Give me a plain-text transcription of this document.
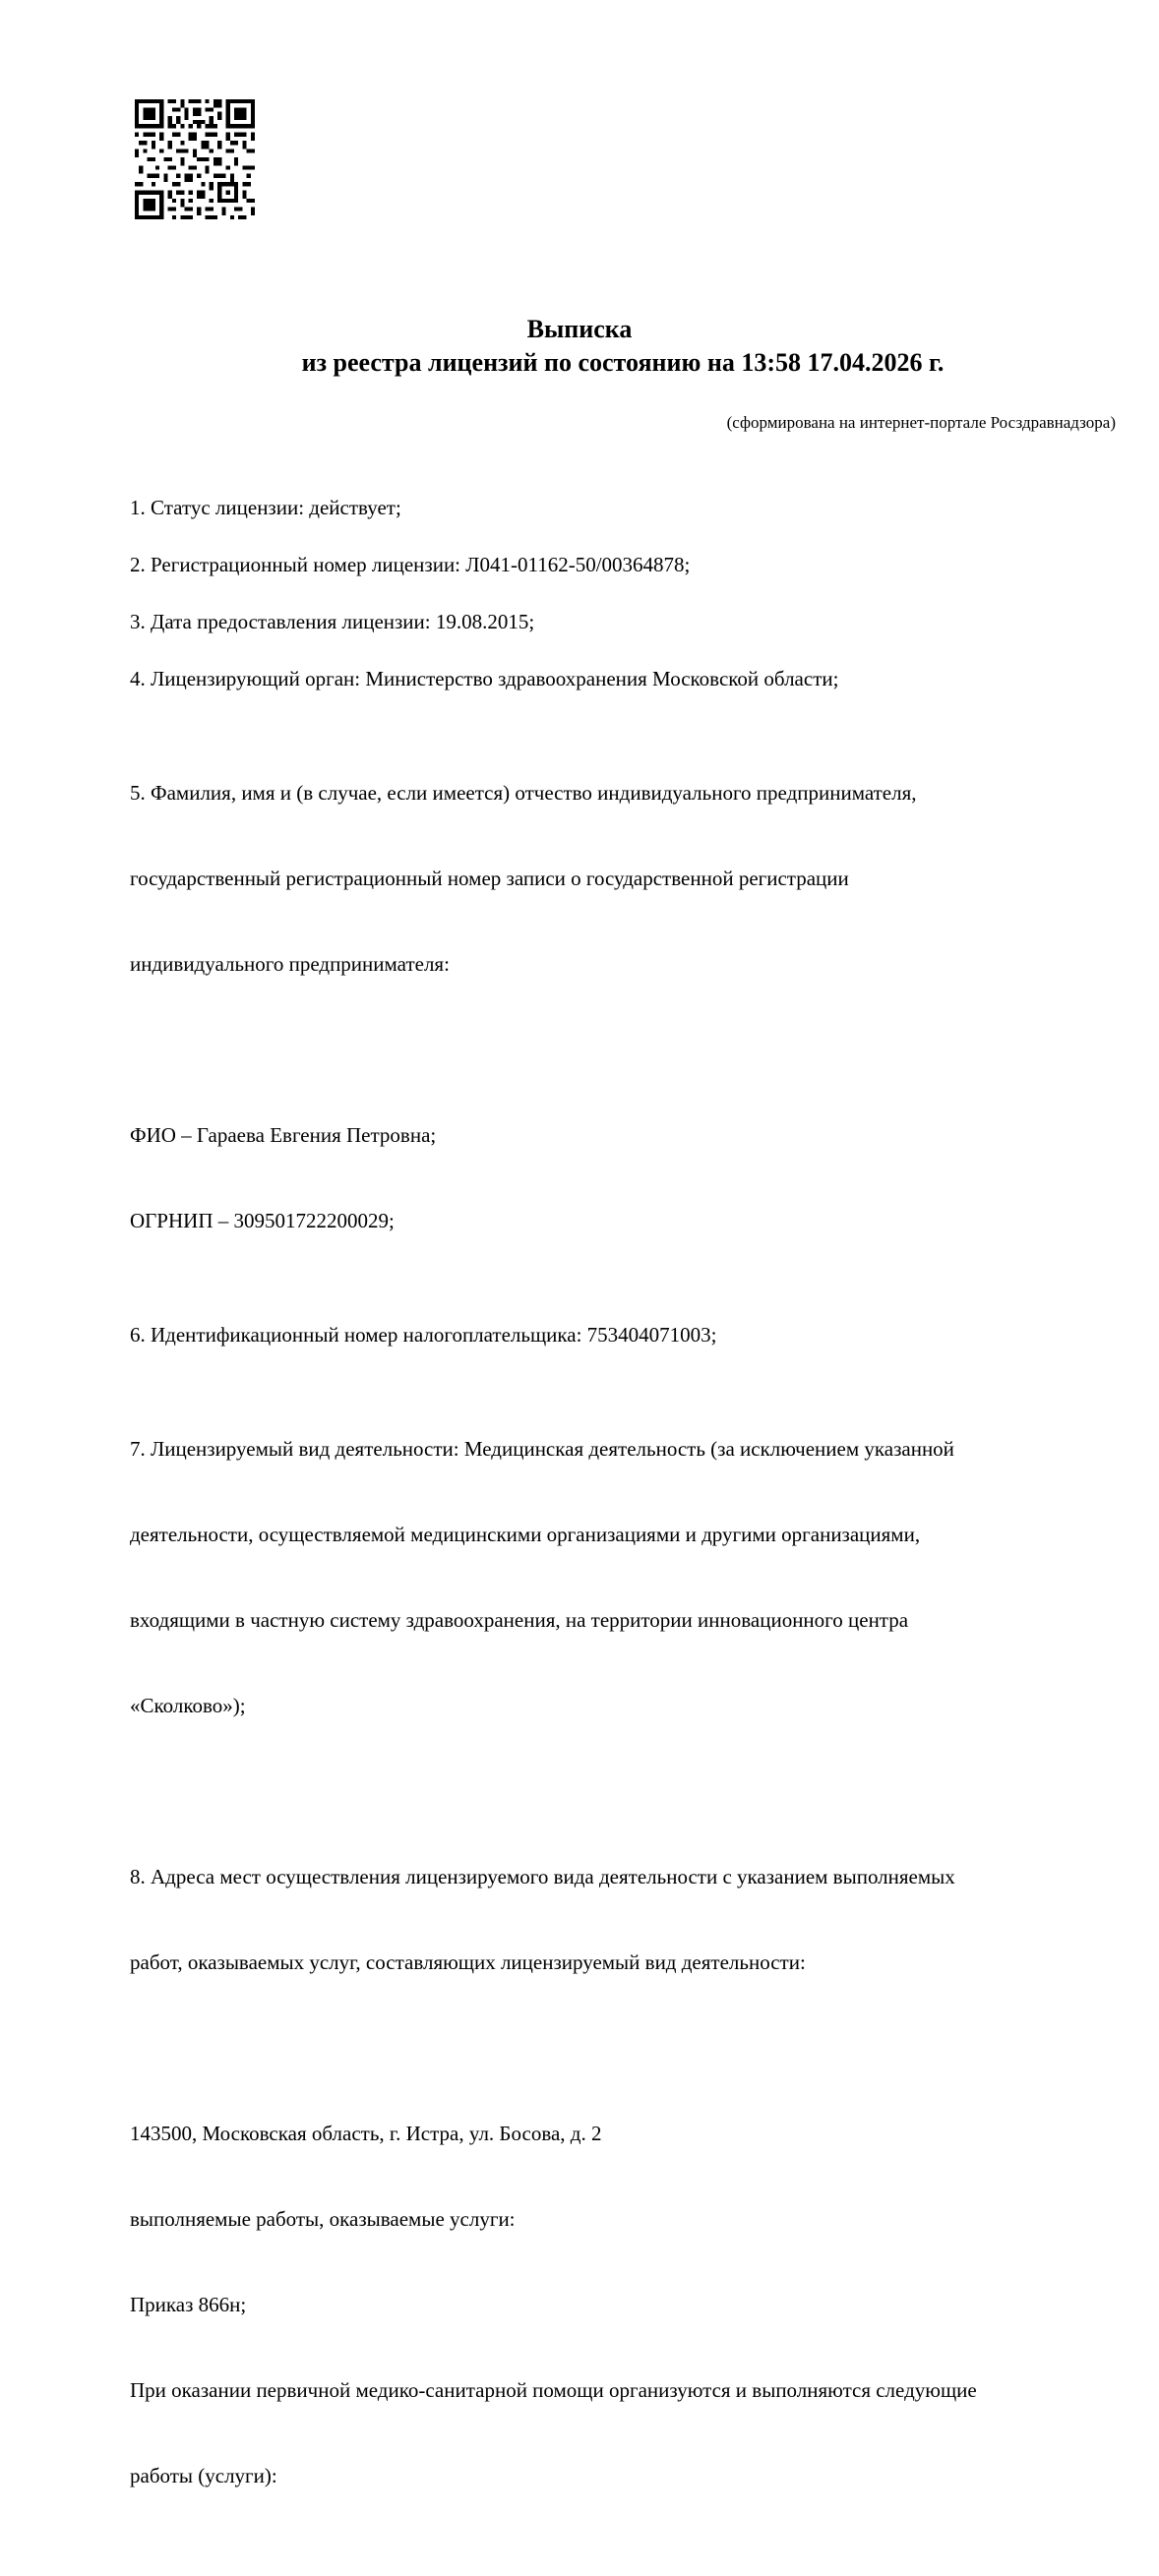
Выписка
из реестра лицензий по состоянию на 13:58 17.04.2026 г.
(сформирована на интернет-портале Росздравнадзора)

1. Статус лицензии: действует;

2. Регистрационный номер лицензии: Л041-01162-50/00364878;

3. Дата предоставления лицензии: 19.08.2015;

4. Лицензирующий орган: Министерство здравоохранения Московской области;

5. Фамилия, имя и (в случае, если имеется) отчество индивидуального предпринимателя,

государственный регистрационный номер записи о государственной регистрации

индивидуального предпринимателя:

ФИО – Гараева Евгения Петровна;

ОГРНИП – 309501722200029;

6. Идентификационный номер налогоплательщика: 753404071003;

7. Лицензируемый вид деятельности: Медицинская деятельность (за исключением указанной

деятельности, осуществляемой медицинскими организациями и другими организациями,

входящими в частную систему здравоохранения, на территории инновационного центра

«Сколково»);

8. Адреса мест осуществления лицензируемого вида деятельности с указанием выполняемых

работ, оказываемых услуг, составляющих лицензируемый вид деятельности:

143500, Московская область, г. Истра, ул. Босова, д. 2

выполняемые работы, оказываемые услуги:

Приказ 866н;

При оказании первичной медико-санитарной помощи организуются и выполняются следующие

работы (услуги):
